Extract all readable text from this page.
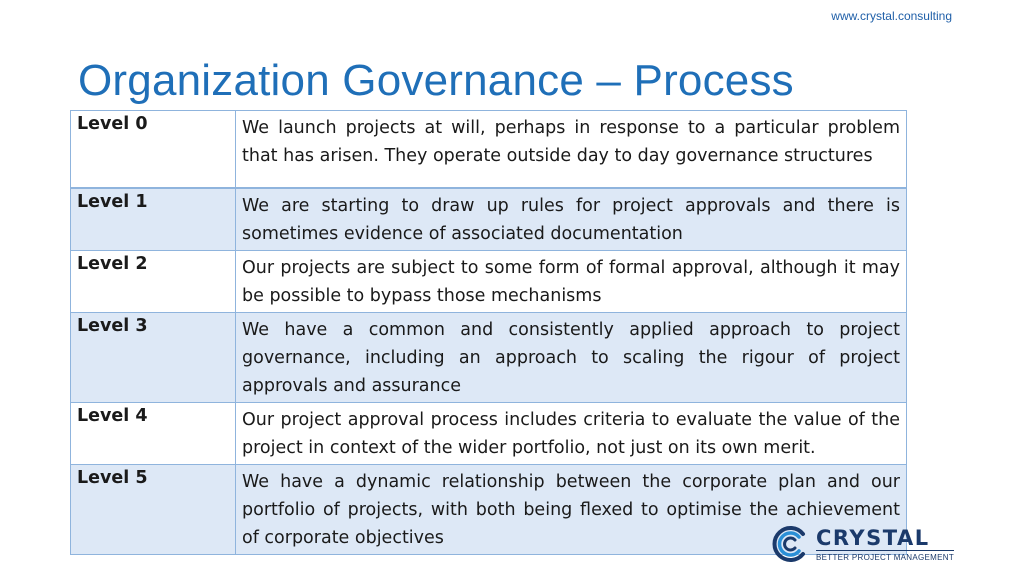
www.crystal.consulting
Organization Governance – Process
Level 0	We launch projects at will, perhaps in response to a particular problem that has arisen. They operate outside day to day governance structures
Level 1	We are starting to draw up rules for project approvals and there is sometimes evidence of associated documentation
Level 2	Our projects are subject to some form of formal approval, although it may be possible to bypass those mechanisms
Level 3	We have a common and consistently applied approach to project governance, including an approach to scaling the rigour of project approvals and assurance
Level 4	Our project approval process includes criteria to evaluate the value of the project in context of the wider portfolio, not just on its own merit.
Level 5	We have a dynamic relationship between the corporate plan and our portfolio of projects, with both being flexed to optimise the achievement of corporate objectives	CRYSTAL
BETTER PROJECT MANAGEMENT
